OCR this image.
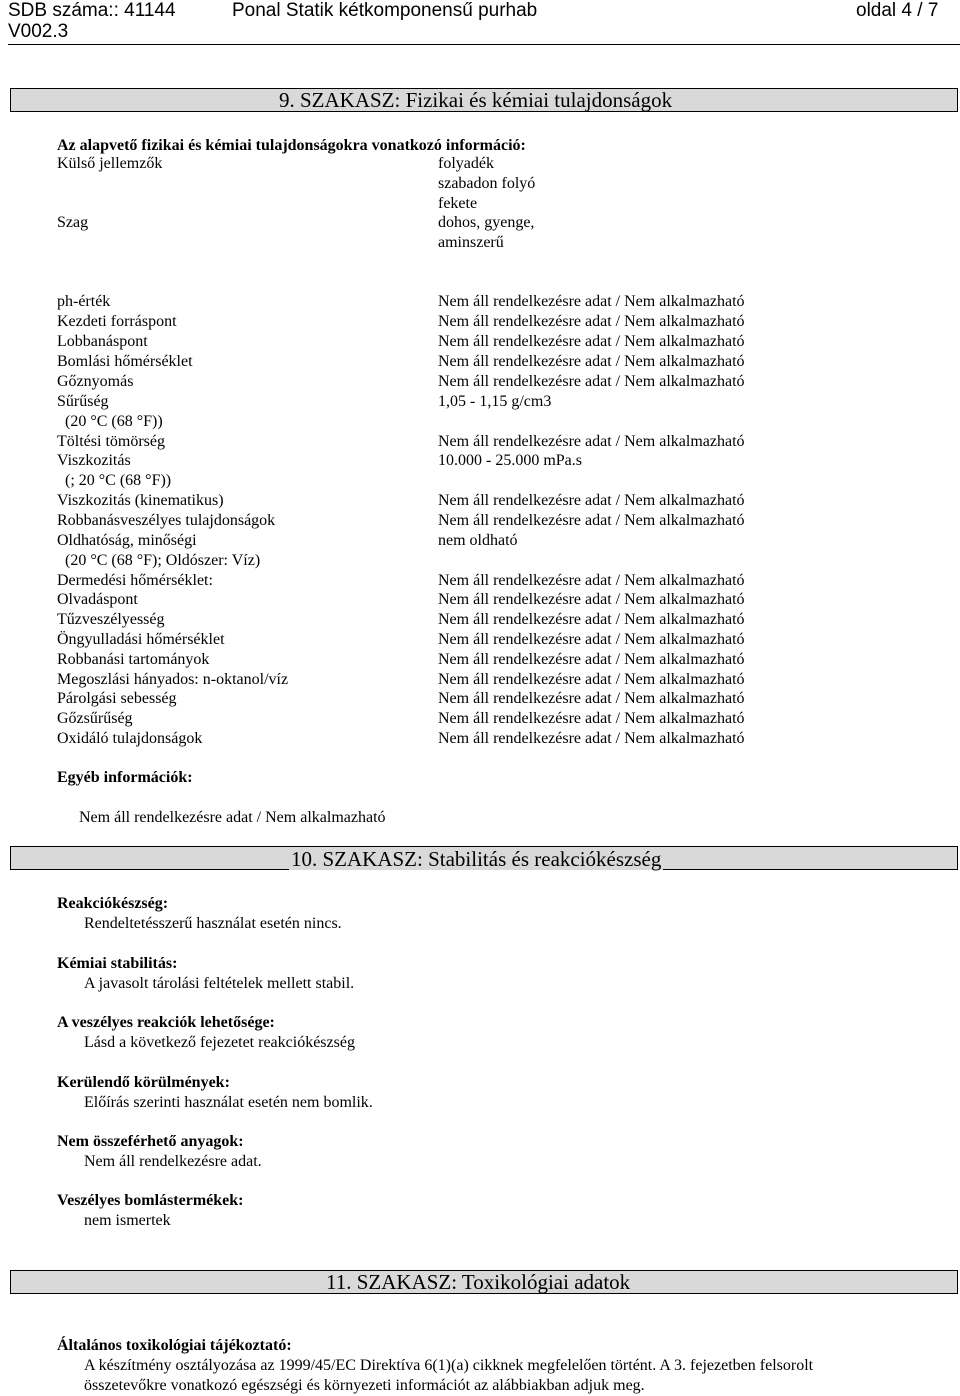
SDB száma:: 41144
V002.3
Ponal Statik kétkomponensű purhab	oldal 4 / 7
9. SZAKASZ: Fizikai és kémiai tulajdonságok
Az alapvető fizikai és kémiai tulajdonságokra vonatkozó információ:
Külső jellemzők	folyadék
szabadon folyó
fekete
Szag	dohos, gyenge,
aminszerű
ph-érték	Nem áll rendelkezésre adat / Nem alkalmazható
Kezdeti forráspont	Nem áll rendelkezésre adat / Nem alkalmazható
Lobbanáspont	Nem áll rendelkezésre adat / Nem alkalmazható
Bomlási hőmérséklet	Nem áll rendelkezésre adat / Nem alkalmazható
Gőznyomás	Nem áll rendelkezésre adat / Nem alkalmazható
Sűrűség	1,05 - 1,15 g/cm3
(20 °C (68 °F))
Töltési tömörség	Nem áll rendelkezésre adat / Nem alkalmazható
Viszkozitás	10.000 - 25.000 mPa.s
(; 20 °C (68 °F))
Viszkozitás (kinematikus)	Nem áll rendelkezésre adat / Nem alkalmazható
Robbanásveszélyes tulajdonságok	Nem áll rendelkezésre adat / Nem alkalmazható
Oldhatóság, minőségi	nem oldható
(20 °C (68 °F); Oldószer: Víz)
Dermedési hőmérséklet:	Nem áll rendelkezésre adat / Nem alkalmazható
Olvadáspont	Nem áll rendelkezésre adat / Nem alkalmazható
Tűzveszélyesség	Nem áll rendelkezésre adat / Nem alkalmazható
Öngyulladási hőmérséklet	Nem áll rendelkezésre adat / Nem alkalmazható
Robbanási tartományok	Nem áll rendelkezésre adat / Nem alkalmazható
Megoszlási hányados: n-oktanol/víz	Nem áll rendelkezésre adat / Nem alkalmazható
Párolgási sebesség	Nem áll rendelkezésre adat / Nem alkalmazható
Gőzsűrűség	Nem áll rendelkezésre adat / Nem alkalmazható
Oxidáló tulajdonságok	Nem áll rendelkezésre adat / Nem alkalmazható
Egyéb információk:
Nem áll rendelkezésre adat / Nem alkalmazható
10. SZAKASZ: Stabilitás és reakciókészség
Reakciókészség:
Rendeltetésszerű használat esetén nincs.
Kémiai stabilitás:
A javasolt tárolási feltételek mellett stabil.
A veszélyes reakciók lehetősége:
Lásd a következő fejezetet reakciókészség
Kerülendő körülmények:
Előírás szerinti használat esetén nem bomlik.
Nem összeférhető anyagok:
Nem áll rendelkezésre adat.
Veszélyes bomlástermékek:
nem ismertek
11. SZAKASZ: Toxikológiai adatok
Általános toxikológiai tájékoztató:
A készítmény osztályozása az 1999/45/EC Direktíva 6(1)(a) cikknek megfelelően történt. A 3. fejezetben felsorolt
összetevőkre vonatkozó egészségi és környezeti információt az alábbiakban adjuk meg.
